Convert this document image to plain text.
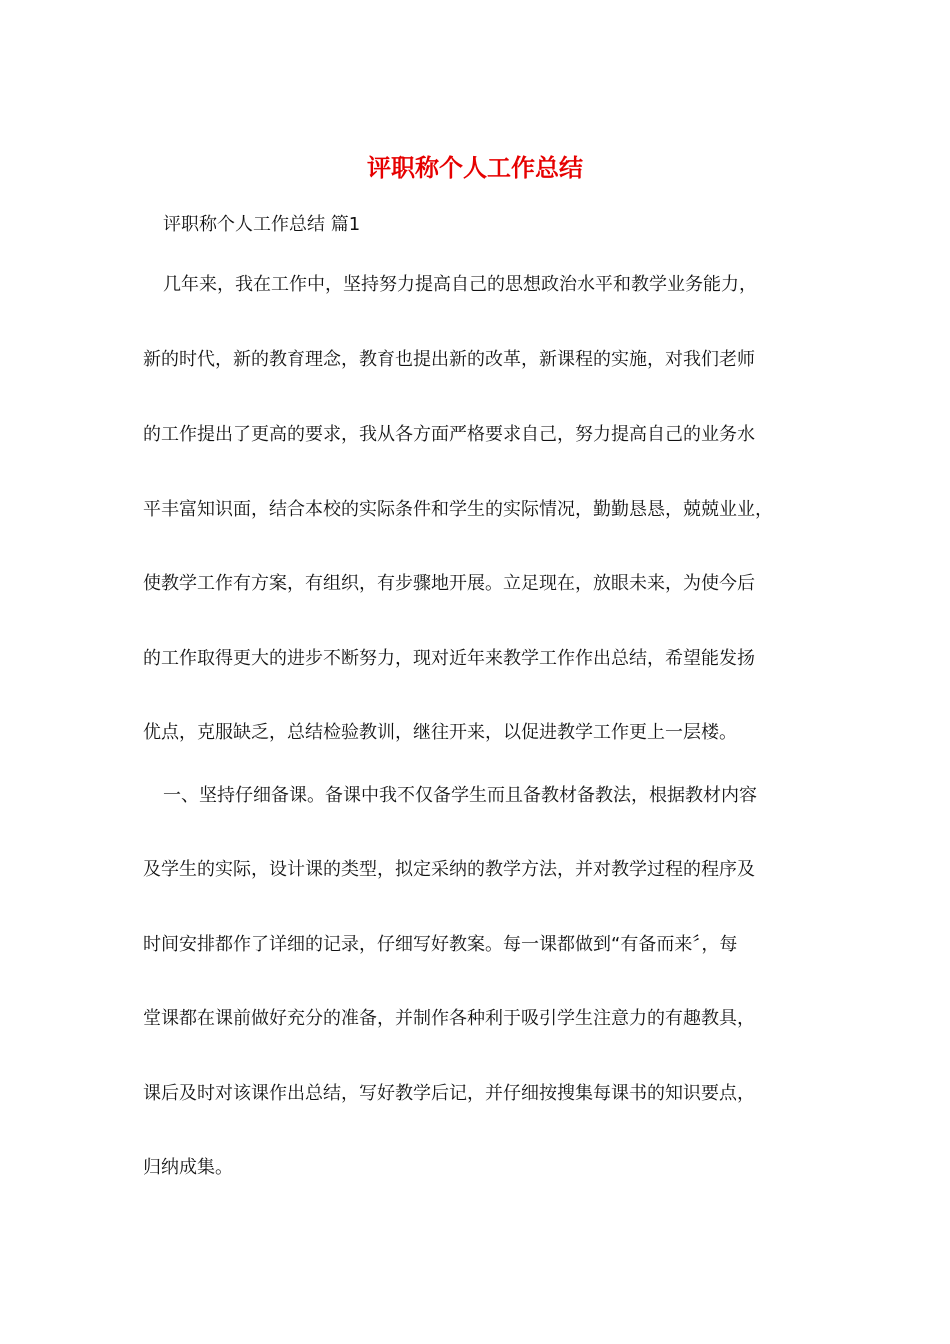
评职称个人工作总结

评职称个人工作总结 篇1

几年来，我在工作中，坚持努力提高自己的思想政治水平和教学业务能力，

新的时代，新的教育理念，教育也提出新的改革，新课程的实施，对我们老师

的工作提出了更高的要求，我从各方面严格要求自己，努力提高自己的业务水

平丰富知识面，结合本校的实际条件和学生的实际情况，勤勤恳恳，兢兢业业，

使教学工作有方案，有组织，有步骤地开展。立足现在，放眼未来，为使今后

的工作取得更大的进步不断努力，现对近年来教学工作作出总结，希望能发扬

优点，克服缺乏，总结检验教训，继往开来，以促进教学工作更上一层楼。

一、坚持仔细备课。备课中我不仅备学生而且备教材备教法，根据教材内容

及学生的实际，设计课的类型，拟定采纳的教学方法，并对教学过程的程序及

时间安排都作了详细的记录，仔细写好教案。每一课都做到“有备而来〞，每

堂课都在课前做好充分的准备，并制作各种利于吸引学生注意力的有趣教具，

课后及时对该课作出总结，写好教学后记，并仔细按搜集每课书的知识要点，

归纳成集。
